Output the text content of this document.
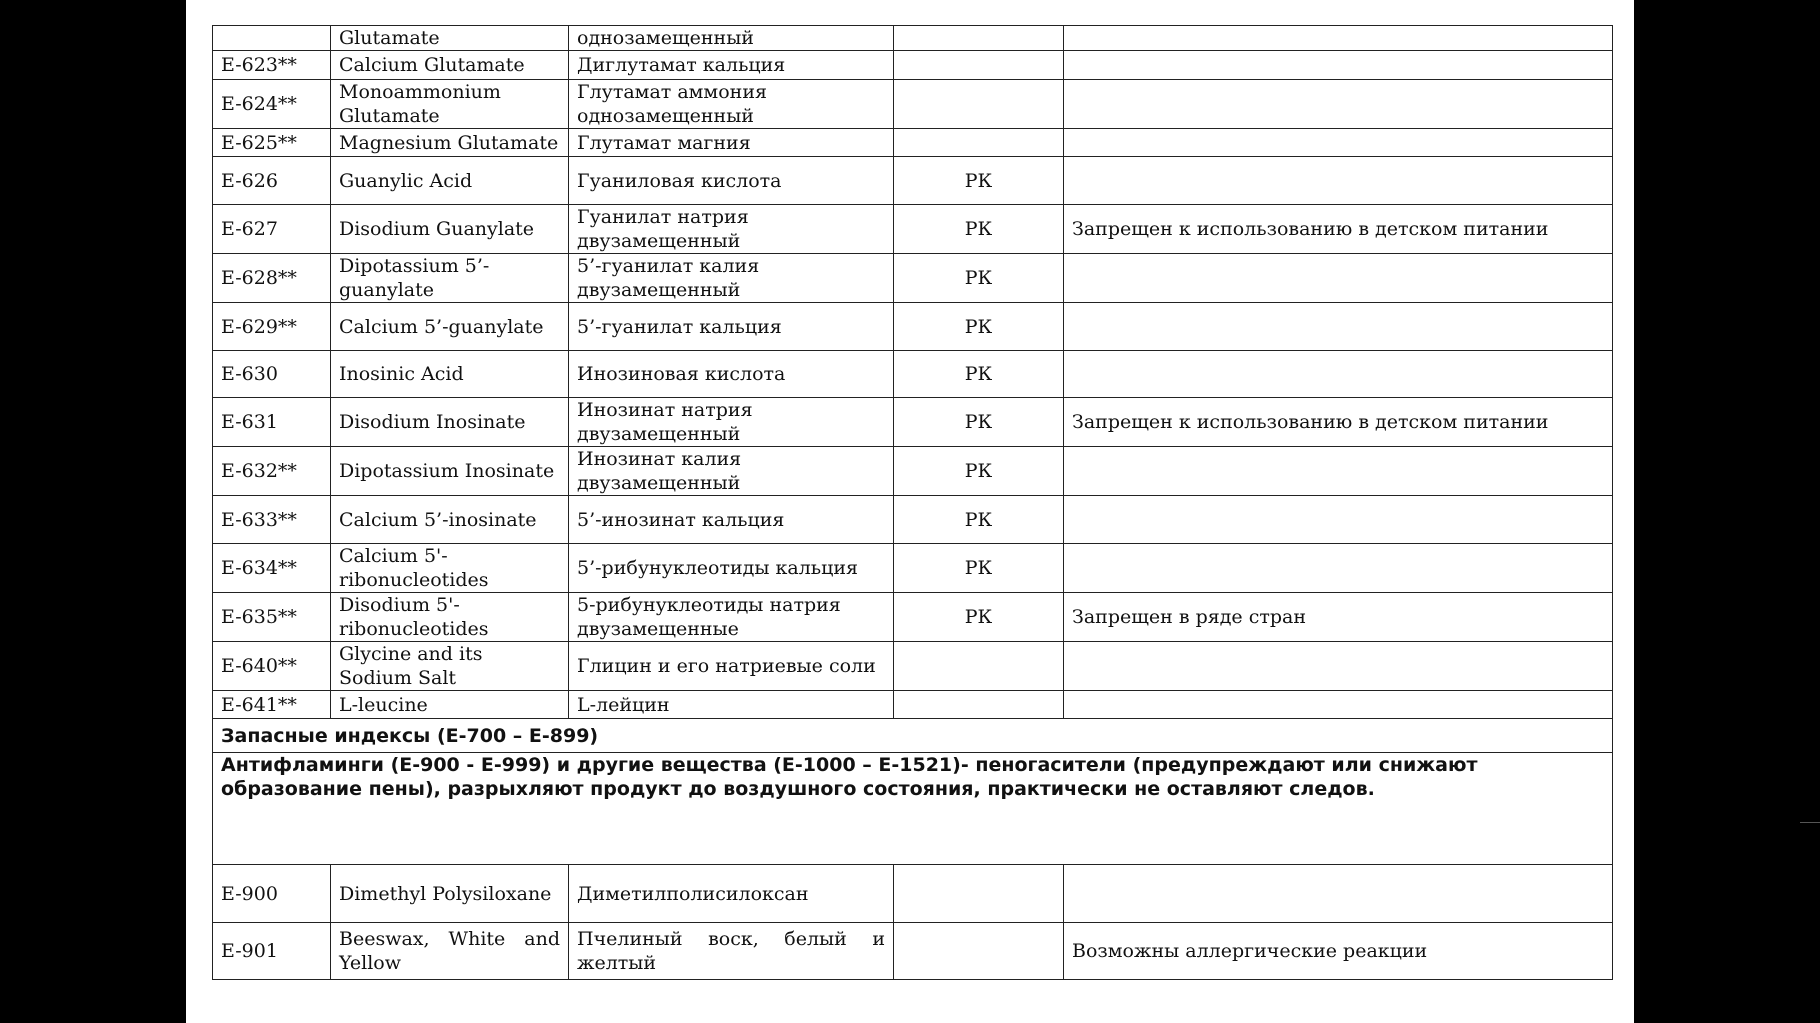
	Glutamate	однозамещенный		
E-623**	Calcium Glutamate	Диглутамат кальция		
E-624**	Monoammonium Glutamate	Глутамат аммония однозамещенный		
E-625**	Magnesium Glutamate	Глутамат магния		
E-626	Guanylic Acid	Гуаниловая кислота	РК	
E-627	Disodium Guanylate	Гуанилат натрия двузамещенный	РК	Запрещен к использованию в детском питании
E-628**	Dipotassium 5’-guanylate	5’-гуанилат калия двузамещенный	РК	
E-629**	Calcium 5’-guanylate	5’-гуанилат кальция	РК	
E-630	Inosinic Acid	Инозиновая кислота	РК	
E-631	Disodium Inosinate	Инозинат натрия двузамещенный	РК	Запрещен к использованию в детском питании
E-632**	Dipotassium Inosinate	Инозинат калия двузамещенный	РК	
E-633**	Calcium 5’-inosinate	5’-инозинат кальция	РК	
E-634**	Calcium 5'-ribonucleotides	5’-рибунуклеотиды кальция	РК	
E-635**	Disodium 5'-ribonucleotides	5-рибунуклеотиды натрия двузамещенные	РК	Запрещен в ряде стран
E-640**	Glycine and its Sodium Salt	Глицин и его натриевые соли		
E-641**	L-leucine	L-лейцин		
Запасные индексы (Е-700 – Е-899)				
Антифламинги (Е-900 - Е-999) и другие вещества (Е-1000 – Е-1521)- пеногасители (предупреждают или снижают образование пены), разрыхляют продукт до воздушного состояния, практически не оставляют следов.				
E-900	Dimethyl Polysiloxane	Диметилполисилоксан		
E-901	Beeswax, White and Yellow	Пчелиный воск, белый и желтый		Возможны аллергические реакции
